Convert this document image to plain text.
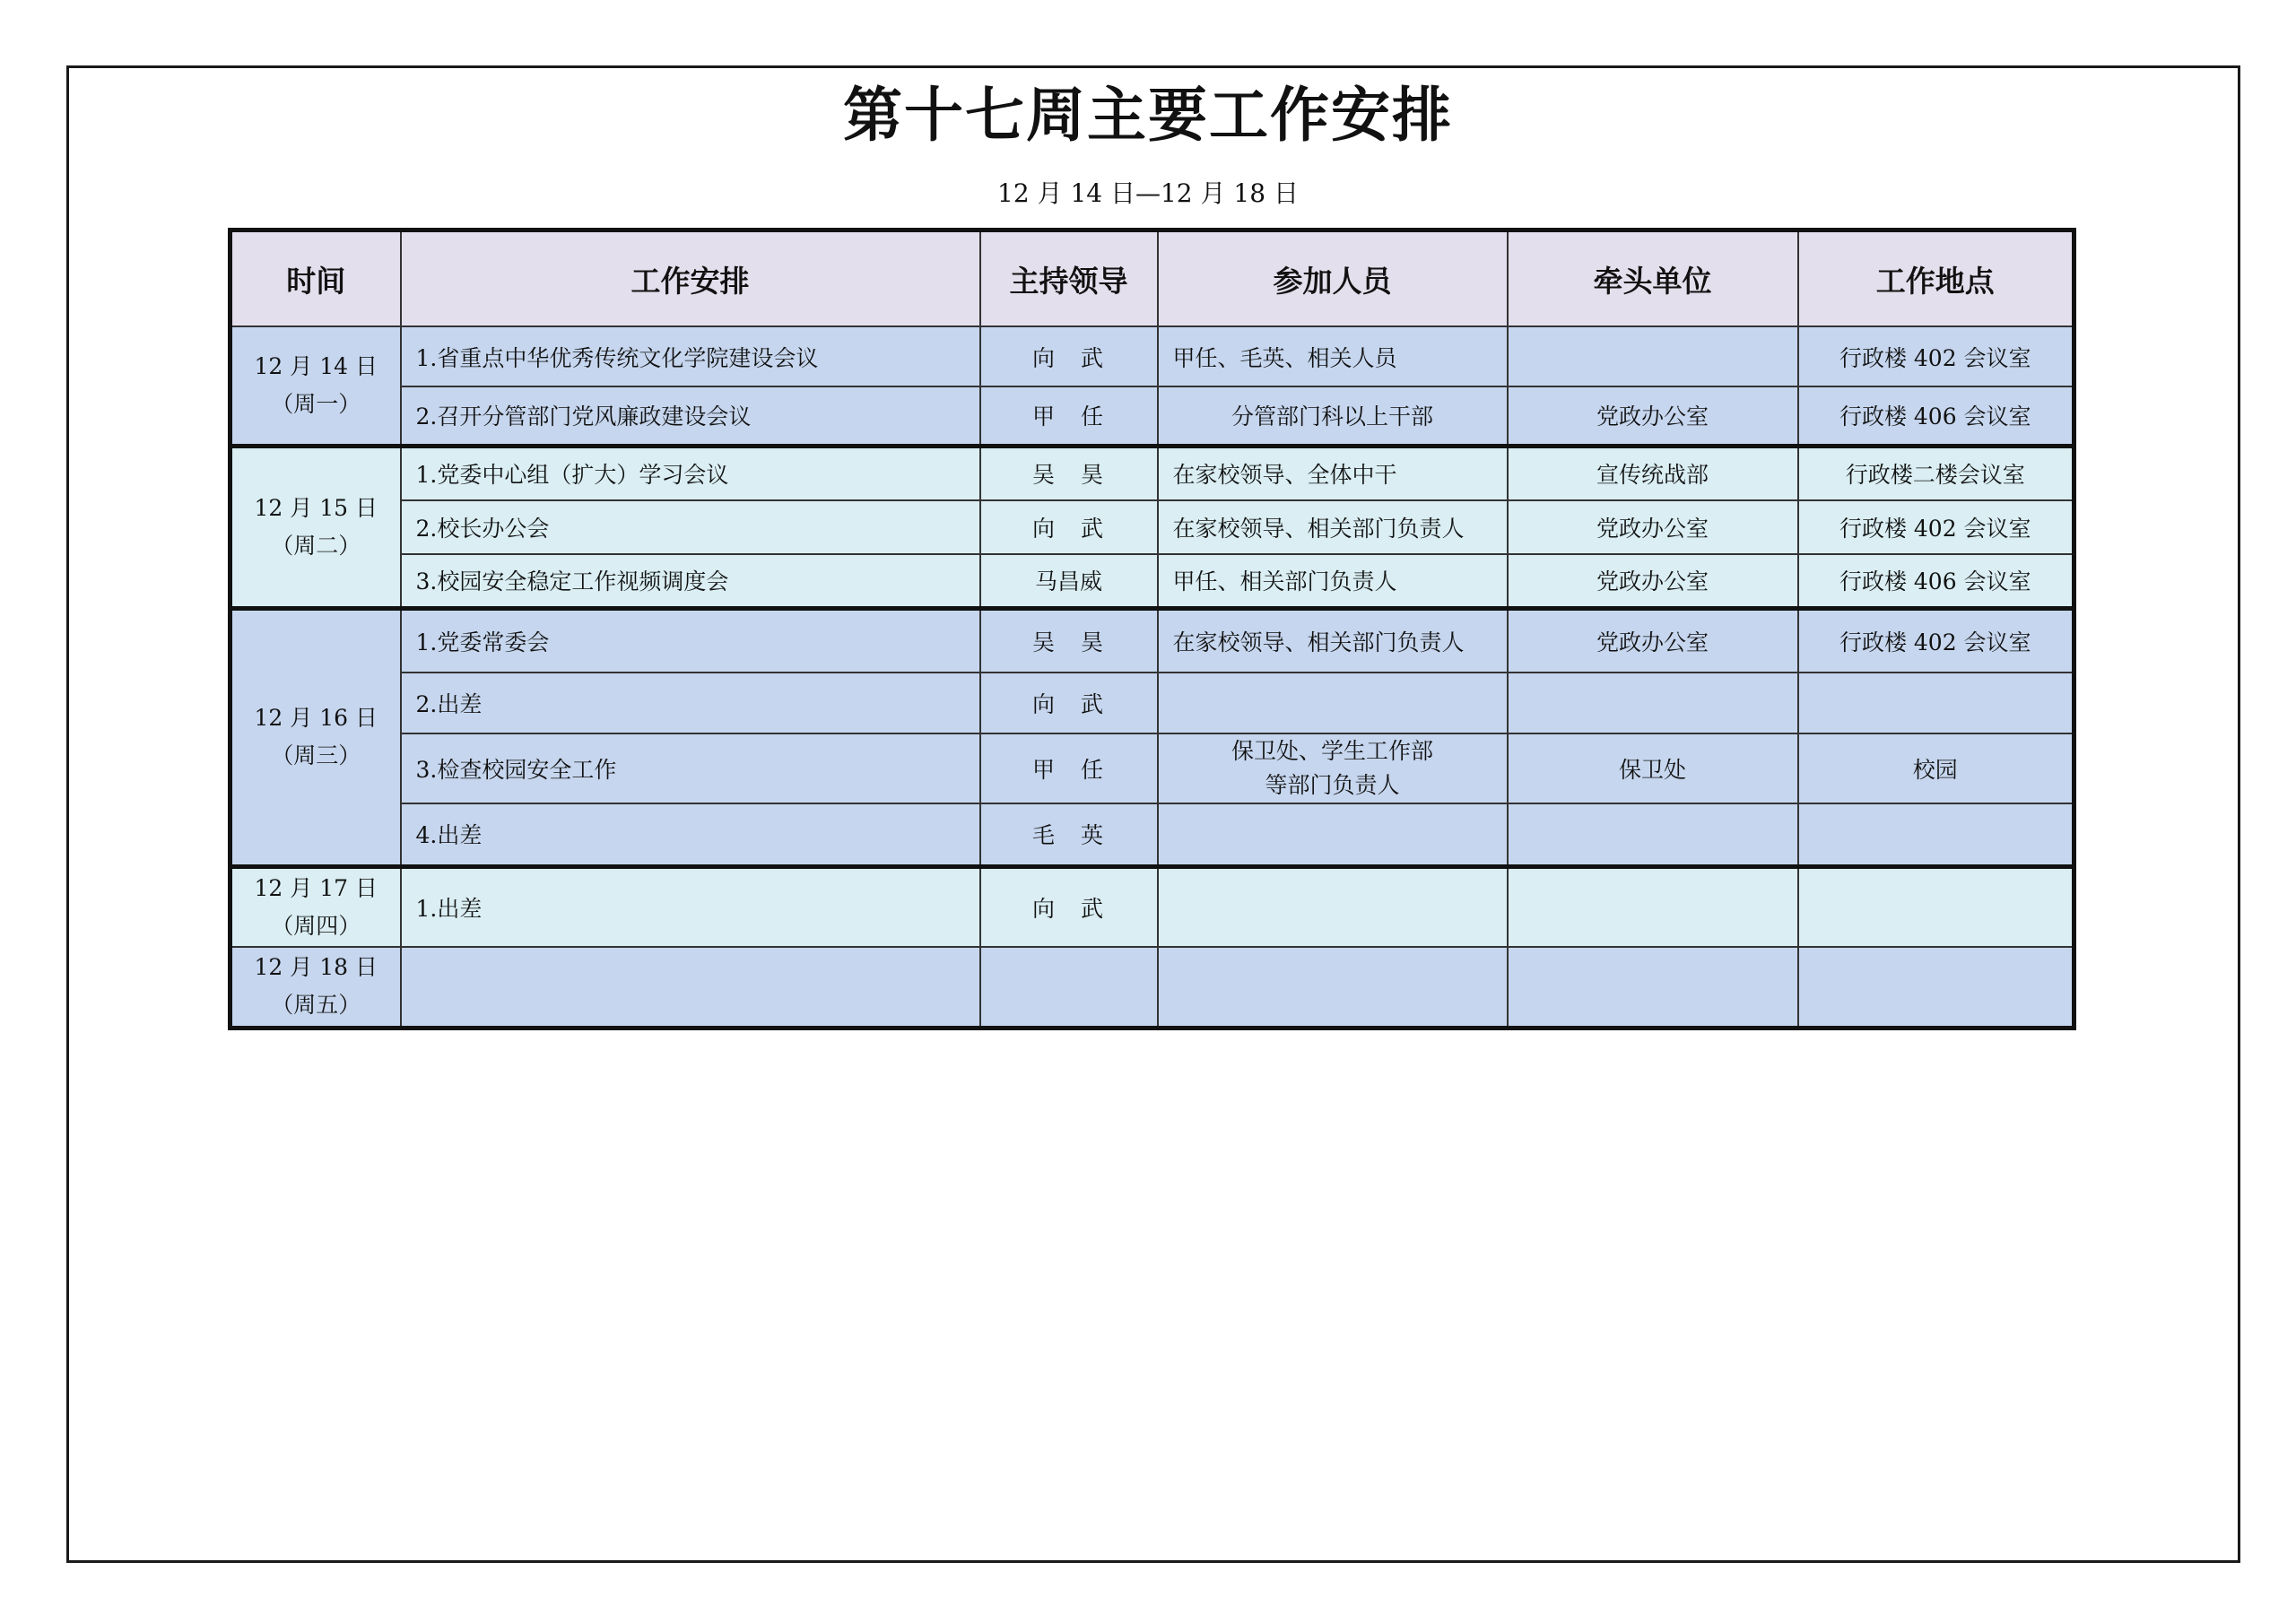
第十七周主要工作安排
12 月 14 日—12 月 18 日
时间	工作安排	主持领导	参加人员	牵头单位	工作地点

12 月 14 日
（周一）	1.省重点中华优秀传统文化学院建设会议	向　武	甲任、毛英、相关人员		行政楼 402 会议室
	2.召开分管部门党风廉政建设会议	甲　任	分管部门科以上干部	党政办公室	行政楼 406 会议室

12 月 15 日
（周二）	1.党委中心组（扩大）学习会议	吴　昊	在家校领导、全体中干	宣传统战部	行政楼二楼会议室
	2.校长办公会	向　武	在家校领导、相关部门负责人	党政办公室	行政楼 402 会议室
	3.校园安全稳定工作视频调度会	马昌威	甲任、相关部门负责人	党政办公室	行政楼 406 会议室

12 月 16 日
（周三）	1.党委常委会	吴　昊	在家校领导、相关部门负责人	党政办公室	行政楼 402 会议室
	2.出差	向　武			
	3.检查校园安全工作	甲　任	保卫处、学生工作部
等部门负责人	保卫处	校园
	4.出差	毛　英			

12 月 17 日
（周四）	1.出差	向　武			

12 月 18 日
（周五）					
